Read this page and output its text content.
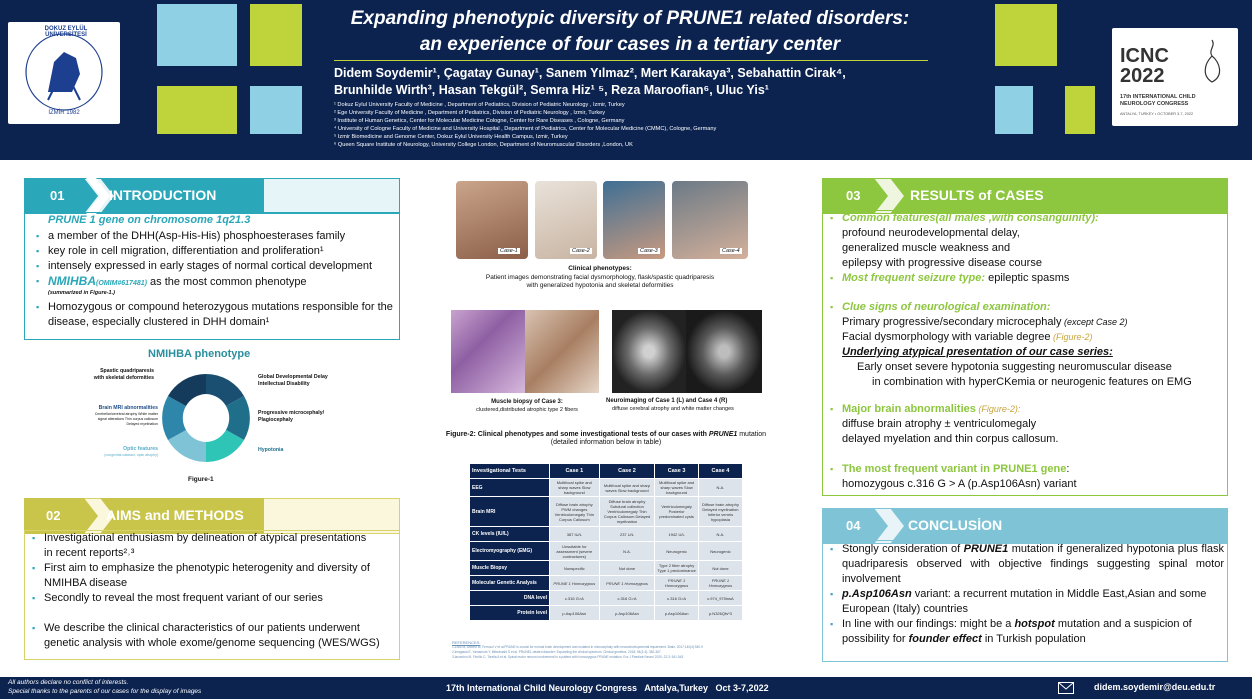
DOKUZ EYLÜL ÜNİVERSİTESİ
İZMİR 1982
Expanding phenotypic diversity of PRUNE1 related disorders:
an experience of four cases in a tertiary center
Didem Soydemir¹, Çagatay Gunay¹, Sanem Yılmaz², Mert Karakaya³, Sebahattin Cirak⁴,
Brunhilde Wirth³, Hasan Tekgül², Semra Hiz¹ ⁵, Reza Maroofian⁶, Uluc Yis¹
¹ Dokuz Eylul University Faculty of Medicine , Department of Pediatrics, Division of Pediatric Neurology , Izmir, Turkey
² Ege University Faculty of Medicine , Department of Pediatrics, Division of Pediatric Neurology , Izmir, Turkey
³ Institute of Human Genetics, Center for Molecular Medicine Cologne, Center for Rare Diseases , Cologne, Germany
⁴ University of Cologne Faculty of Medicine and University Hospital , Department of Pediatrics, Center for Molecular Medicine (CMMC), Cologne, Germany
⁵ Izmir Biomedicine and Genome Center, Dokuz Eylul University Health Campus, Izmir, Turkey
⁶ Queen Square Institute of Neurology, University College London, Department of Neuromuscular Disorders ,London, UK
ICNC 2022
17th INTERNATIONAL CHILD NEUROLOGY CONGRESS
ANTALYA, TURKEY • OCTOBER 3-7, 2022
01	INTRODUCTION
PRUNE 1 gene on chromosome 1q21.3
▪ a member of the DHH(Asp-His-His) phosphoesterases family
▪ key role in cell migration, differentiation and proliferation¹
▪ intensely expressed in early stages of normal cortical development
▪ NMIHBA(OMIM#617481) as the most common phenotype
(summarized in Figure-1.)
▪ Homozygous or compound heterozygous mutations responsible for the disease, especially clustered in DHH domain¹
NMIHBA phenotype
Spastic quadriparesis with skeletal deformities	Global Developmental Delay Intellectual Disability
Progressive microcephaly/ Plagiocephaly
Hypotonia
Optic features
(congenital cataract, optic atrophy)
Brain MRI abnormalities
Cerebellar/cerebral atrophy White matter signal alterations Thin corpus callosum Delayed myelination
Figure-1
02	AIMS and METHODS
▪ Investigational enthusiasm by delineation of atypical presentations in recent reports²˒³
▪ First aim to emphasize the phenotypic heterogenity and diversity of NMIHBA disease
▪ Secondly to reveal the most frequent variant of our series
▪ We describe the clinical characteristics of our patients underwent genetic analysis with whole exome/genome sequencing (WES/WGS)
Case-1	Case-2	Case-3	Case-4
Clinical phenotypes:
Patient images demonstrating facial dysmorphology, flask/spastic quadriparesis with generalized hypotonia and skeletal deformities
Muscle biopsy of Case 3:
clustered,distributed atrophic type 2 fibers
Neuroimaging of Case 1 (L) and Case 4 (R)
diffuse cerebral atrophy and white matter changes
Figure-2: Clinical phenotypes and some investigational tests of our cases with PRUNE1 mutation
(detailed information below in table)
Investigational Tests	Case 1	Case 2	Case 3	Case 4
EEG	Multifocal spike and sharp waves Slow background	Multifocal spike and sharp waves Slow background	Multifocal spike and sharp waves Slow background	N.A.
Brain MRI	Diffuse brain atrophy PWM changes Ventriculomegaly Thin Corpus Callosum	Diffuse brain atrophy Subdural collection Ventriculomegaly Thin Corpus Callosum Delayed myelination	Ventriculomegaly Posterior predominated cysts	Diffuse brain atrophy Delayed myelination Inferior vermis hypoplasia
CK levels (IU/L)	387 IU/L	237 U/L	1942 U/L	N.A.
Electromyography (EMG)	Unsuitable for assessment (severe contractures)	N.A.	Neurogenic	Neurogenic
Muscle Biopsy	Nonspecific	Not done	Type 2 fiber atrophy Type 1 predominance	Not done
Molecular Genetic Analysis	PRUNE 1 Homozygous	PRUNE 1 Homozygous	PRUNE 1 Homozygous	PRUNE 1 Homozygous
DNA level	c.316 G>A	c.316 G>A	c.316 G>A	c.974_975insA
Protein level	p.Asp106Asn	p.Asp106Asn	p.Asp106Asn	p.N326Qfs*3
REFERENCES:
1.Zollo M, Ahmed M, Ferrucci V et al.PRUNE is crucial for normal brain development and mutated in microcephaly with neurodevelopmental impairment. Brain. 2017;140(4):940-9
2.Imagawa E, Yamamoto Y, Mitsuhashi S et al. PRUNE1-related disorder: Expanding the clinical spectrum. Clinical genetics. 2018; 94(3-4): 362-367
3.Iacomino M, Fiorillo C, Torella A et al. Spinal motor neuron involvement in a patient with homozygous PRUNE mutation. Eur J Paediatr Neurol 2020; 22:3: 541-543
03	RESULTS of CASES
▪ Common features(all males ,with consanguinity):
profound neurodevelopmental delay,
generalized muscle weakness and
epilepsy with progressive disease course
▪ Most frequent seizure type: epileptic spasms
▪ Clue signs of neurological examination:
Primary progressive/secondary microcephaly (except Case 2)
Facial dysmorphology with variable degree (Figure-2)
Underlying atypical presentation of our case series:
Early onset severe hypotonia suggesting neuromuscular disease
in combination with hyperCKemia or neurogenic features on EMG
▪ Major brain abnormalities (Figure-2):
diffuse brain atrophy ± ventriculomegaly
delayed myelation and thin corpus callosum.
▪ The most frequent variant in PRUNE1 gene:
homozygous c.316 G > A (p.Asp106Asn) variant
04	CONCLUSİON
▪ Stongly consideration of PRUNE1 mutation if generalized hypotonia plus flask quadriparesis observed with objective findings suggesting spinal motor involvement
▪ p.Asp106Asn variant: a recurrent mutation in Middle East,Asian and some European (Italy) countries
▪ In line with our findings: might be a hotspot mutation and a suspicion of possibility for founder effect in Turkish population
All authors declare no conflict of interests.
Special thanks to the parents of our cases for the display of images	17th International Child Neurology Congress   Antalya,Turkey   Oct 3-7,2022	didem.soydemir@deu.edu.tr
